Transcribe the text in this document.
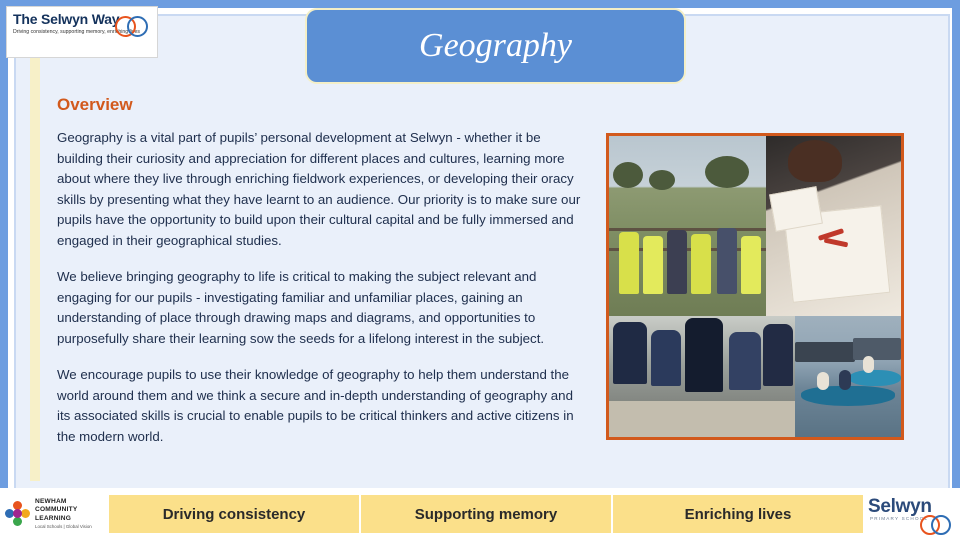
The Selwyn Way
Driving consistency, supporting memory, enriching lives	Geography
Overview

Geography is a vital part of pupils’ personal development at Selwyn - whether it be building their curiosity and appreciation for different places and cultures, learning more about where they live through enriching fieldwork experiences, or developing their oracy skills by presenting what they have learnt to an audience. Our priority is to make sure our pupils have the opportunity to build upon their cultural capital and be fully immersed and engaged in their geographical studies.

We believe bringing geography to life is critical to making the subject relevant and engaging for our pupils - investigating familiar and unfamiliar places, gaining an understanding of place through drawing maps and diagrams, and opportunities to purposefully share their learning sow the seeds for a lifelong interest in the subject.

We encourage pupils to use their knowledge of geography to help them understand the world around them and we think a secure and in-depth understanding of geography and its associated skills is crucial to enable pupils to be critical thinkers and active citizens in the modern world.

Driving consistency	Supporting memory	Enriching lives
NEWHAM
COMMUNITY
LEARNING
Local Schools | Global Vision
Selwyn
PRIMARY SCHOOL
